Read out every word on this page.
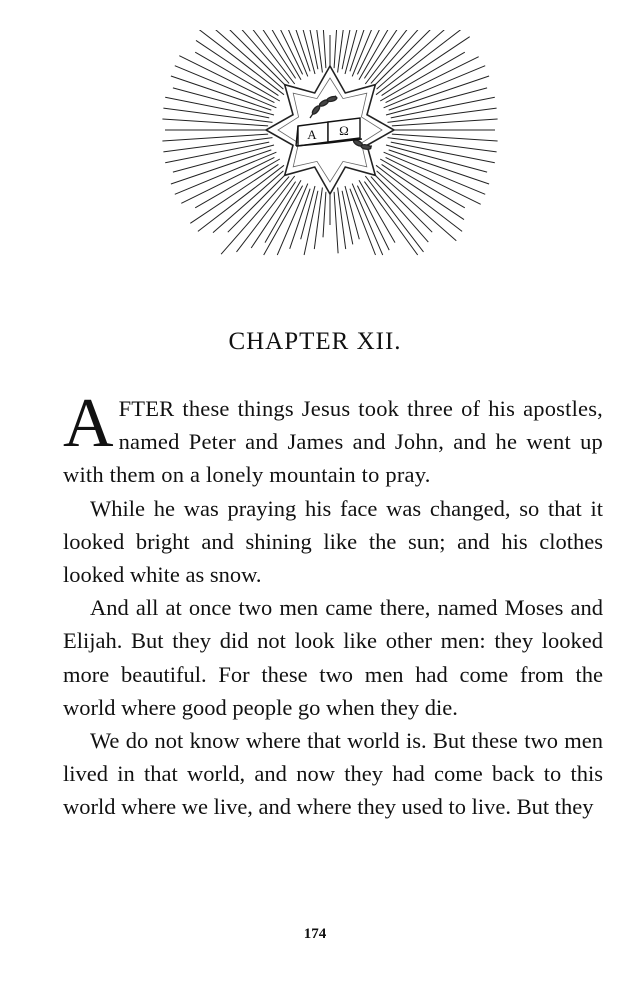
Α Ω
CHAPTER XII.

AFTER these things Jesus took three of his apostles, named Peter and James and John, and he went up with them on a lonely mountain to pray.

While he was praying his face was changed, so that it looked bright and shining like the sun; and his clothes looked white as snow.

And all at once two men came there, named Moses and Elijah. But they did not look like other men: they looked more beautiful. For these two men had come from the world where good people go when they die.

We do not know where that world is. But these two men lived in that world, and now they had come back to this world where we live, and where they used to live. But they

174
